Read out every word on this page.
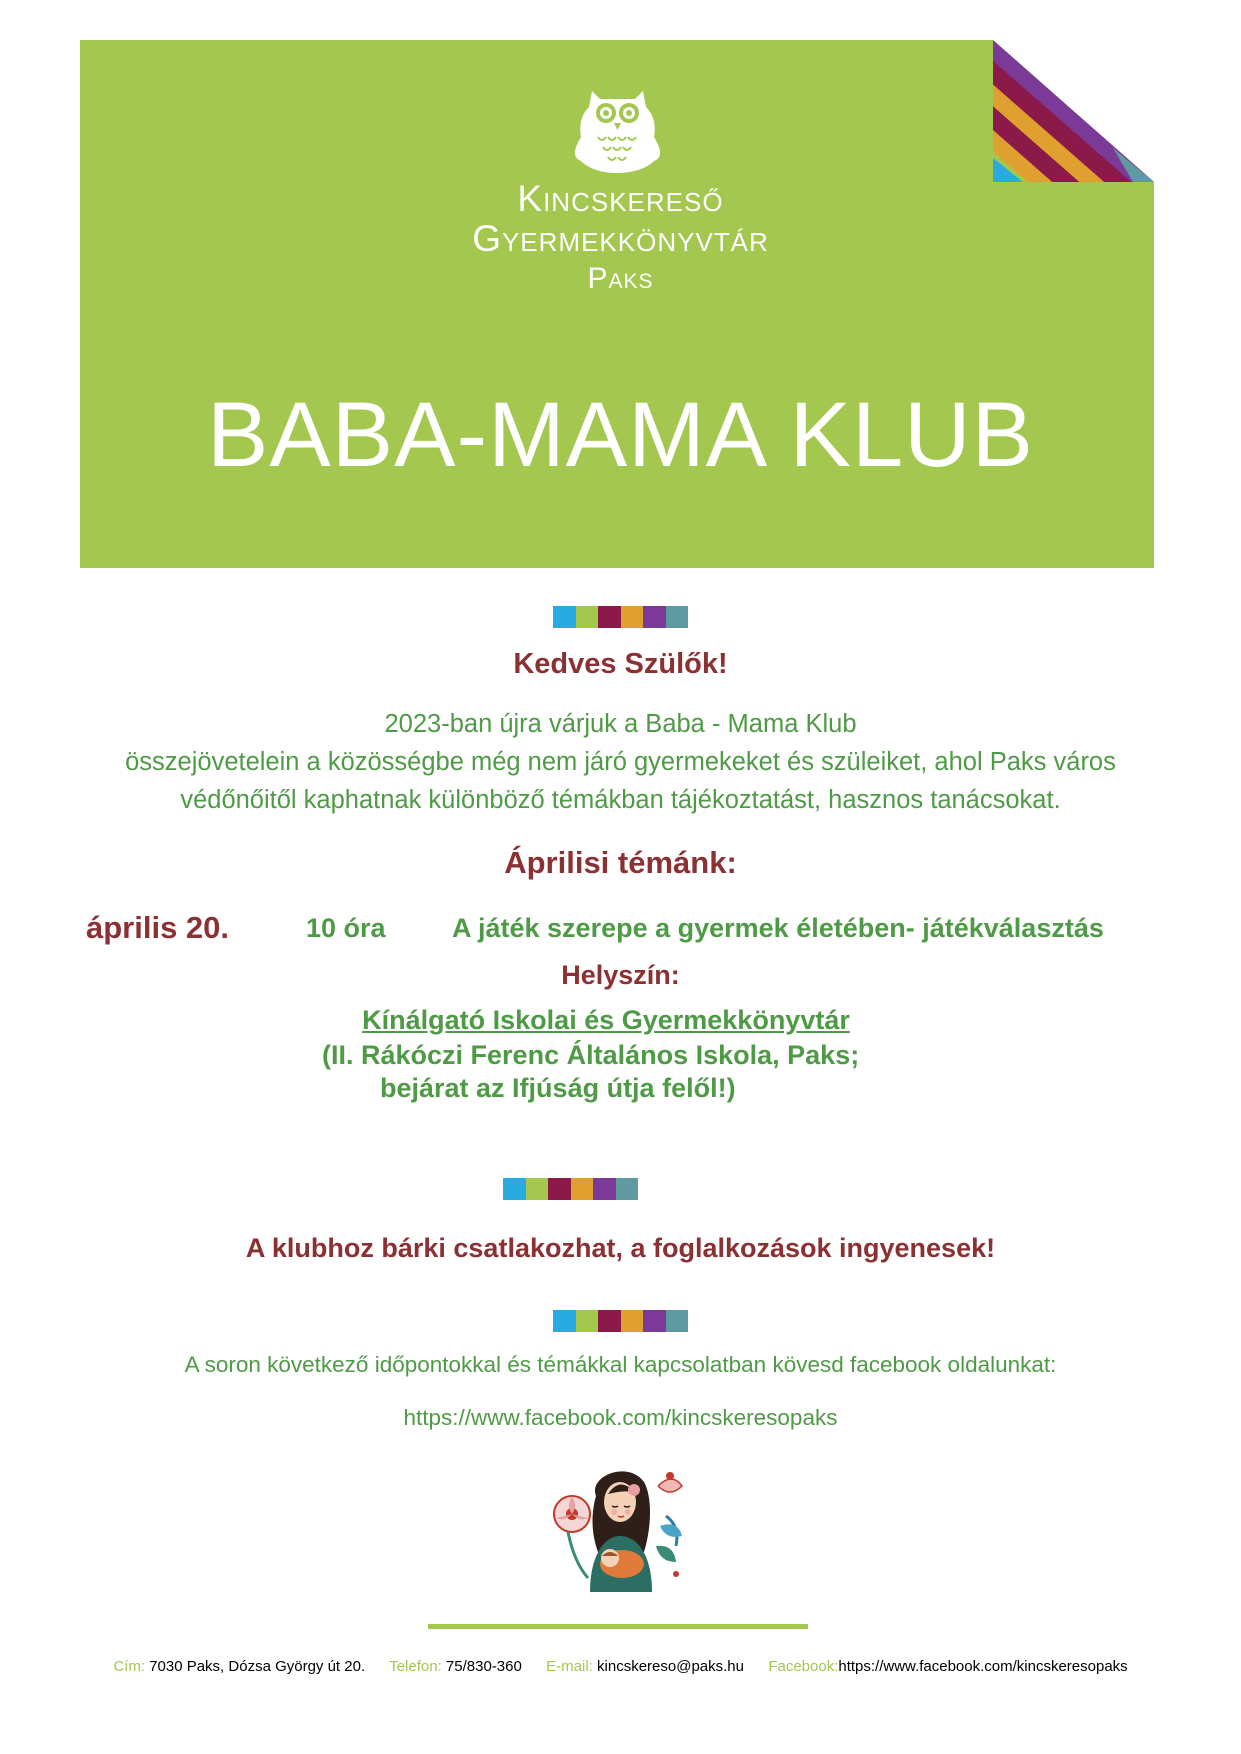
Kincskereső
Gyermekkönyvtár
Paks
BABA-MAMA KLUB
Kedves Szülők!
2023-ban újra várjuk a Baba - Mama Klub
összejövetelein a közösségbe még nem járó gyermekeket és szüleiket, ahol Paks város
védőnőitől kaphatnak különböző témákban tájékoztatást, hasznos tanácsokat.
Áprilisi témánk:
április 20.	10 óra A játék szerepe a gyermek életében- játékválasztás
Helyszín:
Kínálgató Iskolai és Gyermekkönyvtár
(II. Rákóczi Ferenc Általános Iskola, Paks;
bejárat az Ifjúság útja felől!)
A klubhoz bárki csatlakozhat, a foglalkozások ingyenesek!
A soron következő időpontokkal és témákkal kapcsolatban kövesd facebook oldalunkat:
https://www.facebook.com/kincskeresopaks
Cím: 7030 Paks, Dózsa György út 20. Telefon: 75/830-360 E-mail: kincskereso@paks.hu Facebook:https://www.facebook.com/kincskeresopaks
